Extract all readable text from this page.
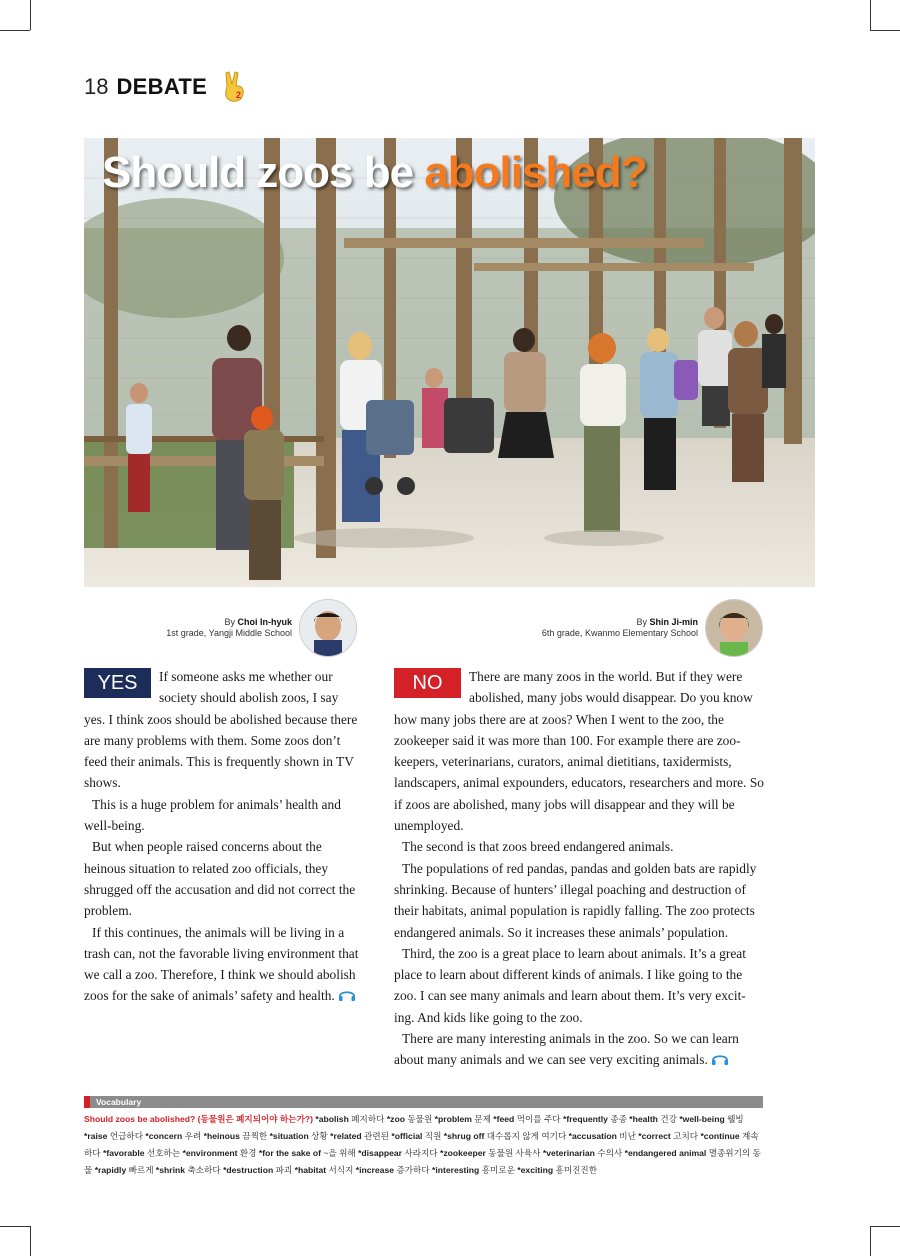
18 DEBATE	2
Should zoos be abolished?
By Choi In-hyuk
1st grade, Yangji Middle School
By Shin Ji-min
6th grade, Kwanmo Elementary School
YES	If someone asks me whether our society should abolish zoos, I say yes. I think zoos should be abolished because there are many problems with them. Some zoos don’t feed their animals. This is frequently shown in TV shows.

This is a huge problem for animals’ health and well-being.

But when people raised concerns about the heinous situation to related zoo officials, they shrugged off the accusation and did not correct the problem.

If this continues, the animals will be living in a trash can, not the favorable living environment that we call a zoo. Therefore, I think we should abolish zoos for the sake of animals’ safety and health.

NO	There are many zoos in the world. But if they were abolished, many jobs would disappear. Do you know how many jobs there are at zoos? When I went to the zoo, the zookeeper said it was more than 100. For example there are zoo-keepers, veterinarians, curators, animal dietitians, taxidermists, landscapers, animal expounders, educators, researchers and more. So if zoos are abolished, many jobs will disappear and they will be unemployed.

The second is that zoos breed endangered animals.

The populations of red pandas, pandas and golden bats are rapidly shrinking. Because of hunters’ illegal poaching and destruction of their habitats, animal population is rapidly falling. The zoo protects endangered animals. So it increases these animals’ population.

Third, the zoo is a great place to learn about animals. It’s a great place to learn about different kinds of animals. I like going to the zoo. I can see many animals and learn about them. It’s very excit-ing. And kids like going to the zoo.

There are many interesting animals in the zoo. So we can learn about many animals and we can see very exciting animals.

Vocabulary
Should zoos be abolished? (동물원은 폐지되어야 하는가?) *abolish 폐지하다 *zoo 동물원 *problem 문제 *feed 먹이를 주다 *frequently 종종 *health 건강 *well-being 웰빙 *raise 언급하다 *concern 우려 *heinous 끔찍한 *situation 상황 *related 관련된 *official 직원 *shrug off 대수롭지 않게 여기다 *accusation 비난 *correct 고치다 *continue 계속하다 *favorable 선호하는 *environment 환경 *for the sake of ~을 위해 *disappear 사라지다 *zookeeper 동물원 사육사 *veterinarian 수의사 *endangered animal 멸종위기의 동물 *rapidly 빠르게 *shrink 축소하다 *destruction 파괴 *habitat 서식지 *increase 증가하다 *interesting 흥미로운 *exciting 흥미진진한
